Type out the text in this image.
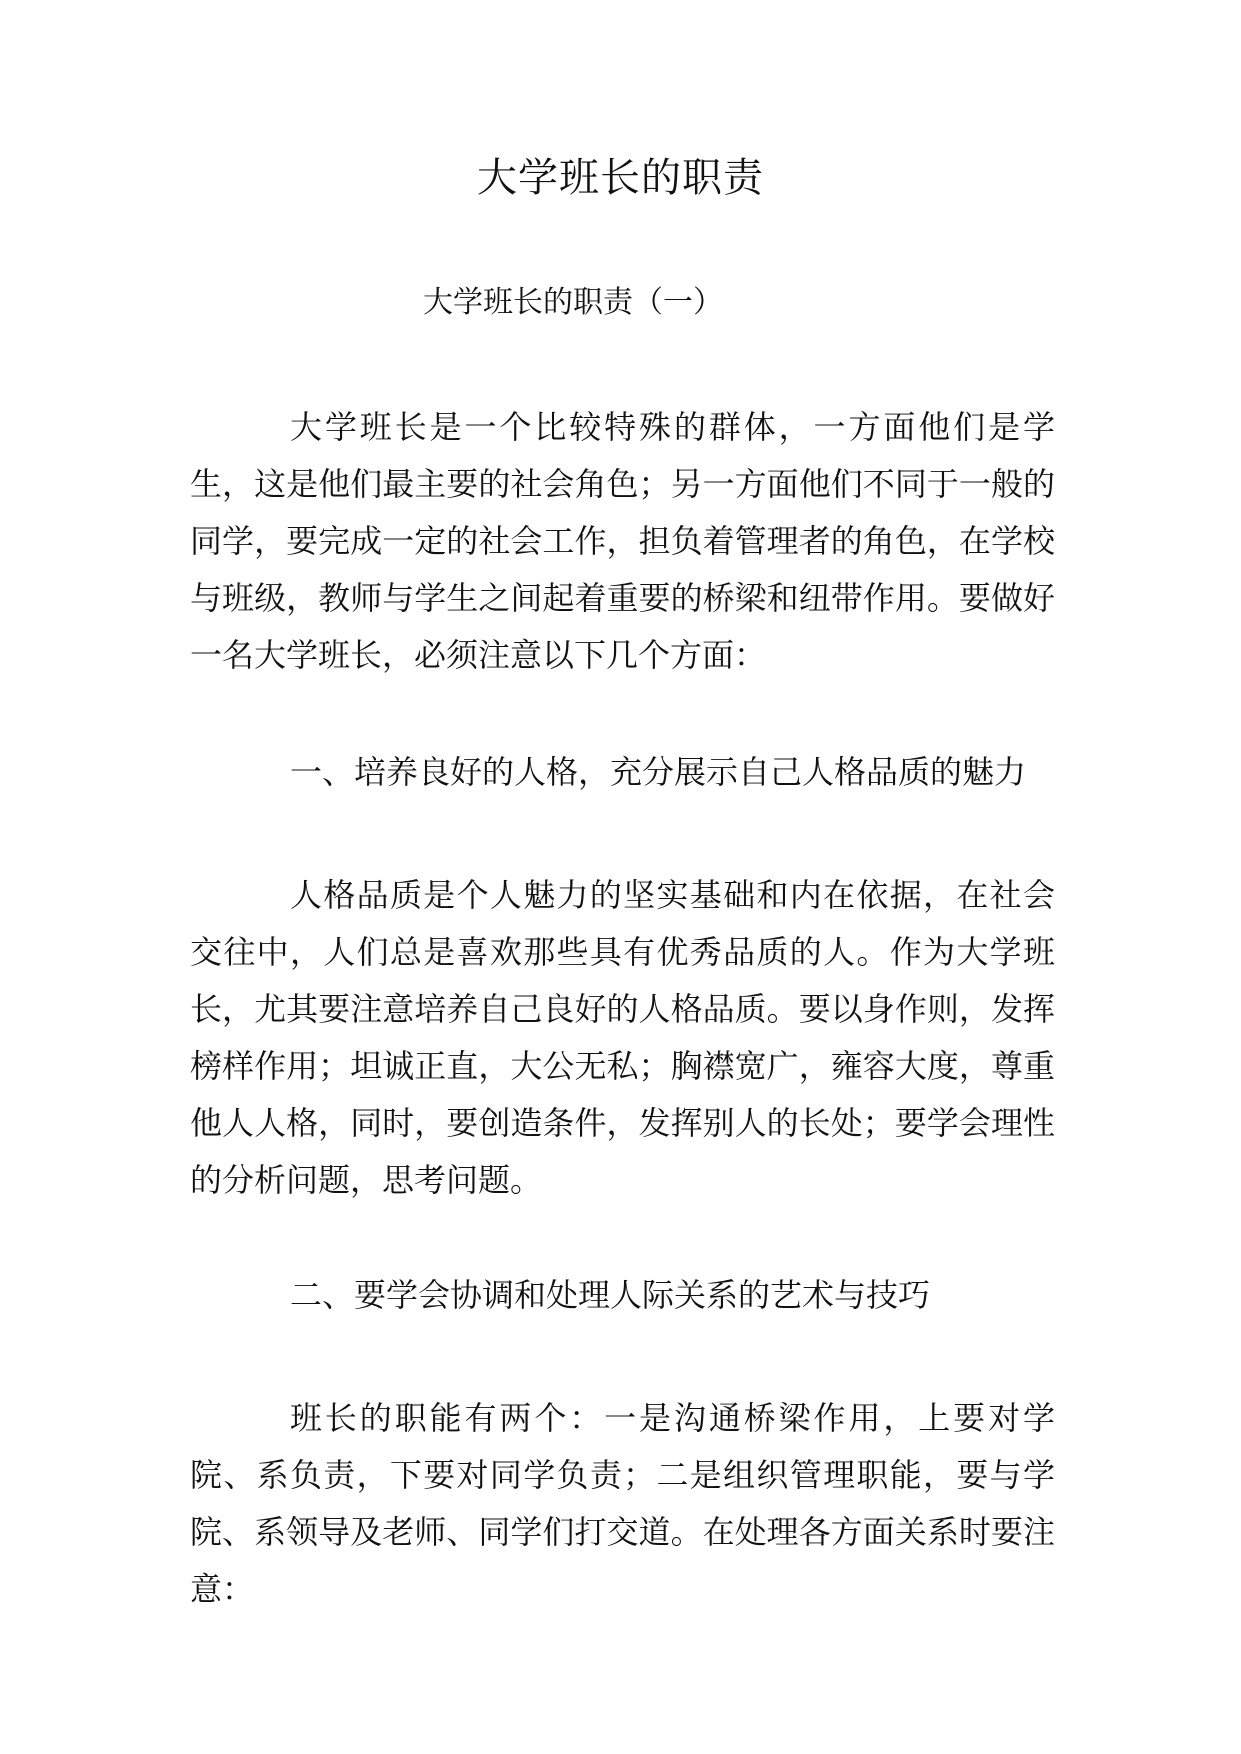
大学班长的职责
大学班长的职责（一）

大学班长是一个比较特殊的群体，一方面他们是学生，这是他们最主要的社会角色；另一方面他们不同于一般的同学，要完成一定的社会工作，担负着管理者的角色，在学校与班级，教师与学生之间起着重要的桥梁和纽带作用。要做好一名大学班长，必须注意以下几个方面：

一、培养良好的人格，充分展示自己人格品质的魅力

人格品质是个人魅力的坚实基础和内在依据，在社会交往中，人们总是喜欢那些具有优秀品质的人。作为大学班长，尤其要注意培养自己良好的人格品质。要以身作则，发挥榜样作用；坦诚正直，大公无私；胸襟宽广，雍容大度，尊重他人人格，同时，要创造条件，发挥别人的长处；要学会理性的分析问题，思考问题。

二、要学会协调和处理人际关系的艺术与技巧

班长的职能有两个：一是沟通桥梁作用，上要对学院、系负责，下要对同学负责；二是组织管理职能，要与学院、系领导及老师、同学们打交道。在处理各方面关系时要注意：
